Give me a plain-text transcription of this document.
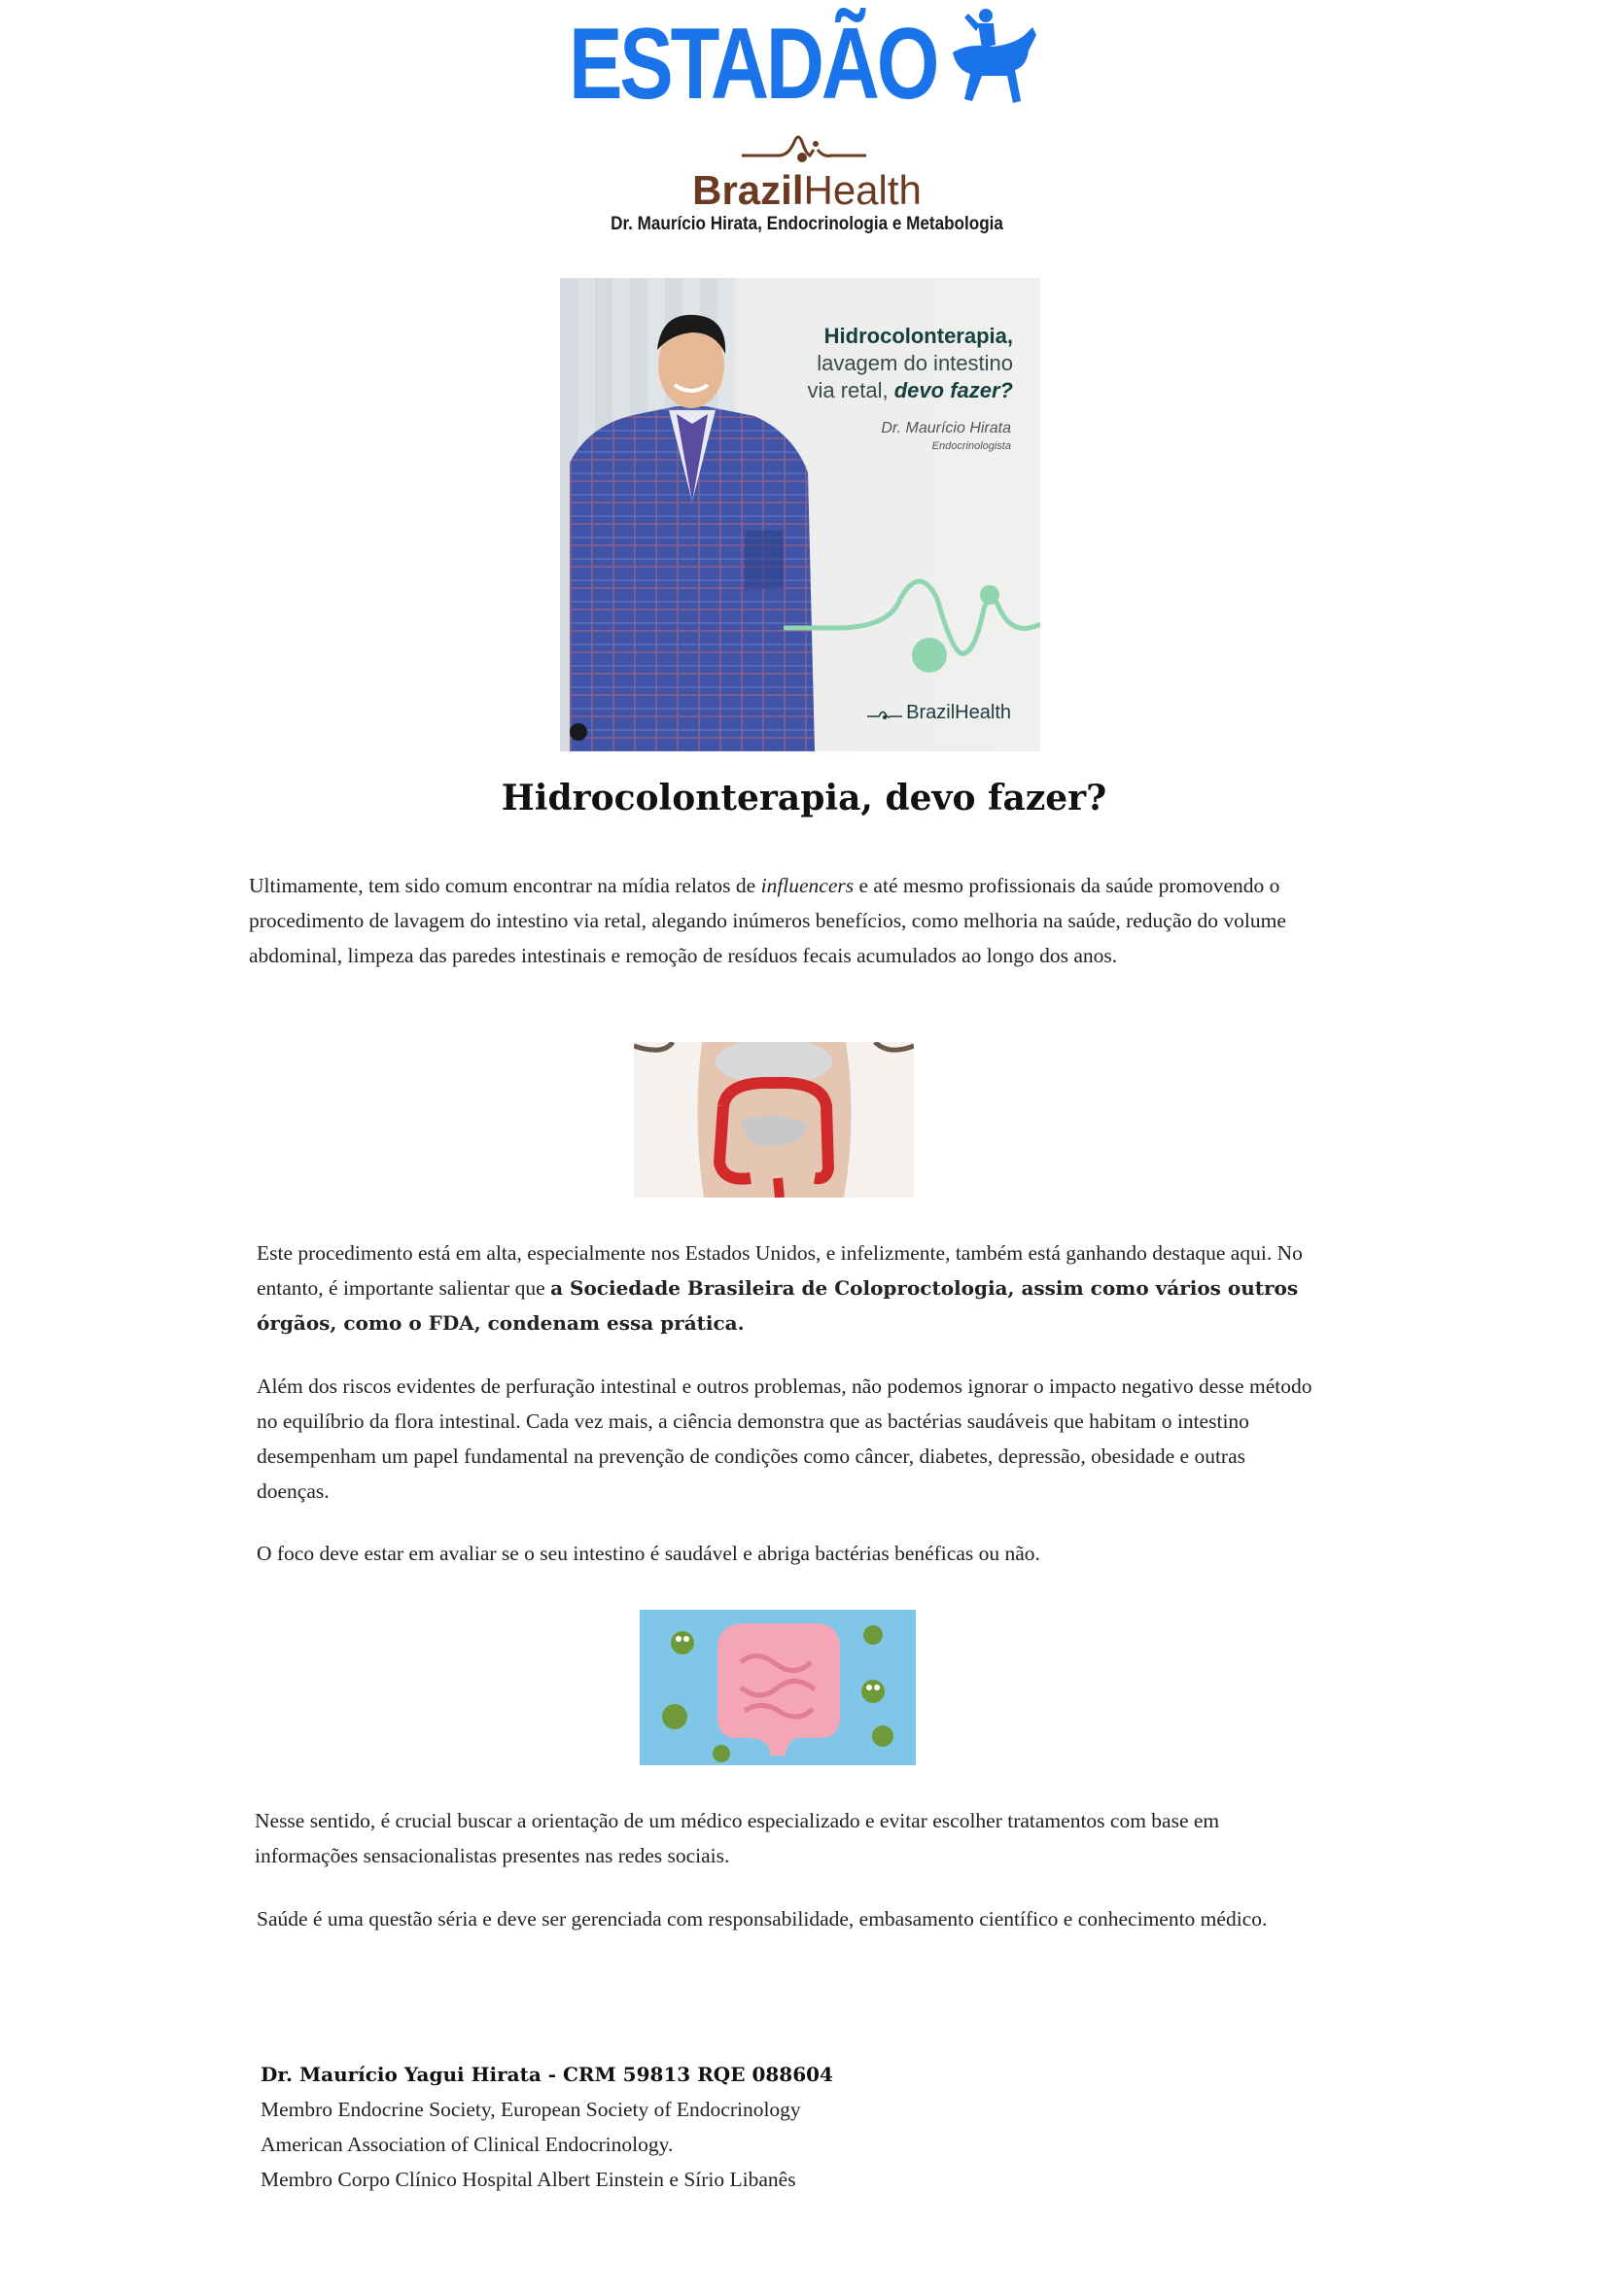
ESTADÃO
BrazilHealth
Dr. Maurício Hirata, Endocrinologia e Metabologia
Hidrocolonterapia,
lavagem do intestino
via retal, devo fazer?
Dr. Maurício Hirata
Endocrinologista
BrazilHealth
Hidrocolonterapia, devo fazer?

Ultimamente, tem sido comum encontrar na mídia relatos de influencers e até mesmo profissionais da saúde promovendo o procedimento de lavagem do intestino via retal, alegando inúmeros benefícios, como melhoria na saúde, redução do volume abdominal, limpeza das paredes intestinais e remoção de resíduos fecais acumulados ao longo dos anos.

Este procedimento está em alta, especialmente nos Estados Unidos, e infelizmente, também está ganhando destaque aqui. No entanto, é importante salientar que a Sociedade Brasileira de Coloproctologia, assim como vários outros órgãos, como o FDA, condenam essa prática.

Além dos riscos evidentes de perfuração intestinal e outros problemas, não podemos ignorar o impacto negativo desse método no equilíbrio da flora intestinal. Cada vez mais, a ciência demonstra que as bactérias saudáveis que habitam o intestino desempenham um papel fundamental na prevenção de condições como câncer, diabetes, depressão, obesidade e outras doenças.

O foco deve estar em avaliar se o seu intestino é saudável e abriga bactérias benéficas ou não.

Nesse sentido, é crucial buscar a orientação de um médico especializado e evitar escolher tratamentos com base em informações sensacionalistas presentes nas redes sociais.

Saúde é uma questão séria e deve ser gerenciada com responsabilidade, embasamento científico e conhecimento médico.

Dr. Maurício Yagui Hirata - CRM 59813 RQE 088604
Membro Endocrine Society, European Society of Endocrinology
American Association of Clinical Endocrinology.
Membro Corpo Clínico Hospital Albert Einstein e Sírio Libanês
